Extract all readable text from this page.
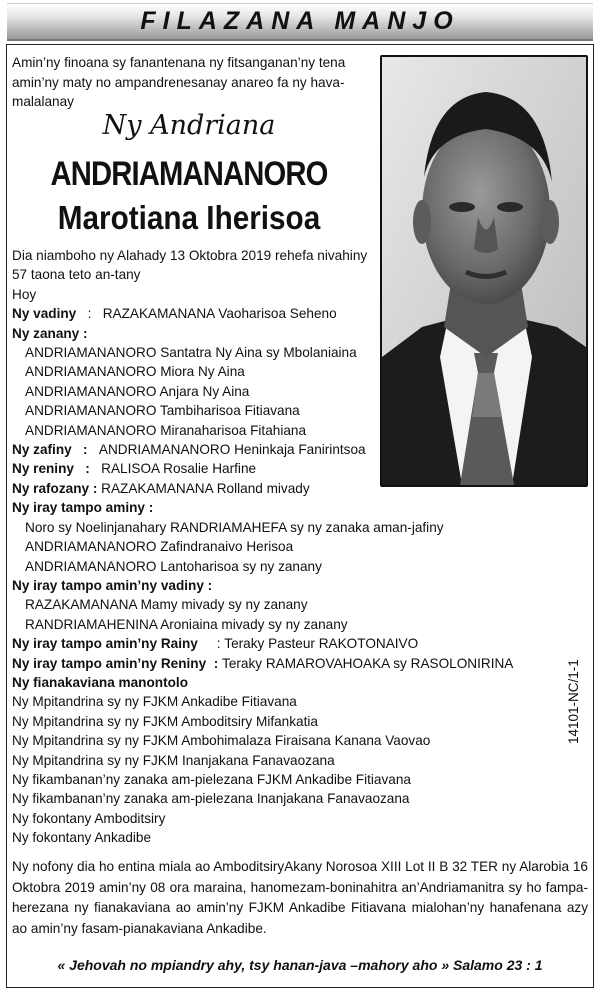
FILAZANA MANJO
Amin’ny finoana sy fanantenana ny fitsanganan’ny tena
amin’ny maty no ampandrenesanay anareo fa ny hava-
malalanay
Ny Andriana
ANDRIAMANANORO
Marotiana Iherisoa
Dia niamboho ny Alahady 13 Oktobra 2019 rehefa nivahiny
57 taona teto an-tany
Hoy
Ny vadiny : RAZAKAMANANA Vaoharisoa Seheno
Ny zanany :
ANDRIAMANANORO Santatra Ny Aina sy Mbolaniaina
ANDRIAMANANORO Miora Ny Aina
ANDRIAMANANORO Anjara Ny Aina
ANDRIAMANANORO Tambiharisoa Fitiavana
ANDRIAMANANORO Miranaharisoa Fitahiana
Ny zafiny : ANDRIAMANANORO Heninkaja Fanirintsoa
Ny reniny : RALISOA Rosalie Harfine
Ny rafozany : RAZAKAMANANA Rolland mivady
Ny iray tampo aminy :
Noro sy Noelinjanahary RANDRIAMAHEFA sy ny zanaka aman-jafiny
ANDRIAMANANORO Zafindranaivo Herisoa
ANDRIAMANANORO Lantoharisoa sy ny zanany
Ny iray tampo amin’ny vadiny :
RAZAKAMANANA Mamy mivady sy ny zanany
RANDRIAMAHENINA Aroniaina mivady sy ny zanany
Ny iray tampo amin’ny Rainy : Teraky Pasteur RAKOTONAIVO
Ny iray tampo amin’ny Reniny : Teraky RAMAROVAHOAKA sy RASOLONIRINA
Ny fianakaviana manontolo
Ny Mpitandrina sy ny FJKM Ankadibe Fitiavana
Ny Mpitandrina sy ny FJKM Amboditsiry Mifankatia
Ny Mpitandrina sy ny FJKM Ambohimalaza Firaisana Kanana Vaovao
Ny Mpitandrina sy ny FJKM Inanjakana Fanavaozana
Ny fikambanan’ny zanaka am-pielezana FJKM Ankadibe Fitiavana
Ny fikambanan’ny zanaka am-pielezana Inanjakana Fanavaozana
Ny fokontany Amboditsiry
Ny fokontany Ankadibe
14101-NC/1-1
Ny nofony dia ho entina miala ao AmboditsiryAkany Norosoa XIII Lot II B 32 TER ny Alarobia 16 Oktobra 2019 amin’ny 08 ora maraina, hanomezam-boninahitra an’Andriamanitra sy ho fampa-herezana ny fianakaviana ao amin’ny FJKM Ankadibe Fitiavana mialohan’ny hanafenana azy ao amin’ny fasam-pianakaviana Ankadibe.
« Jehovah no mpiandry ahy, tsy hanan-java –mahory aho » Salamo 23 : 1
